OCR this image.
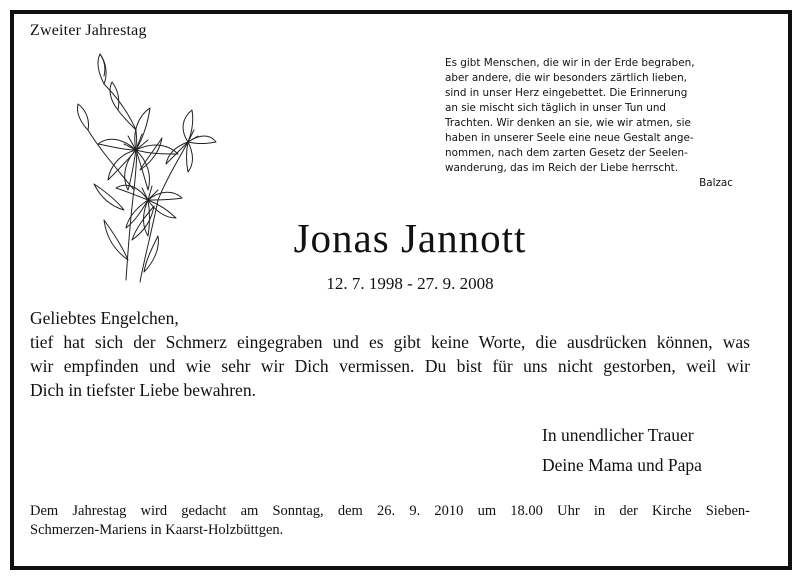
Zweiter Jahrestag
Es gibt Menschen, die wir in der Erde begraben,
aber andere, die wir besonders zärtlich lieben,
sind in unser Herz eingebettet. Die Erinnerung
an sie mischt sich täglich in unser Tun und
Trachten. Wir denken an sie, wie wir atmen, sie
haben in unserer Seele eine neue Gestalt ange-
nommen, nach dem zarten Gesetz der Seelen-
wanderung, das im Reich der Liebe herrscht.
Balzac
Jonas Jannott
12. 7. 1998 - 27. 9. 2008
Geliebtes Engelchen,
tief hat sich der Schmerz eingegraben und es gibt keine Worte, die ausdrücken können, was
wir empfinden und wie sehr wir Dich vermissen. Du bist für uns nicht gestorben, weil wir
Dich in tiefster Liebe bewahren.
In unendlicher Trauer
Deine Mama und Papa
Dem Jahrestag wird gedacht am Sonntag, dem 26. 9. 2010 um 18.00 Uhr in der Kirche Sieben-
Schmerzen-Mariens in Kaarst-Holzbüttgen.
